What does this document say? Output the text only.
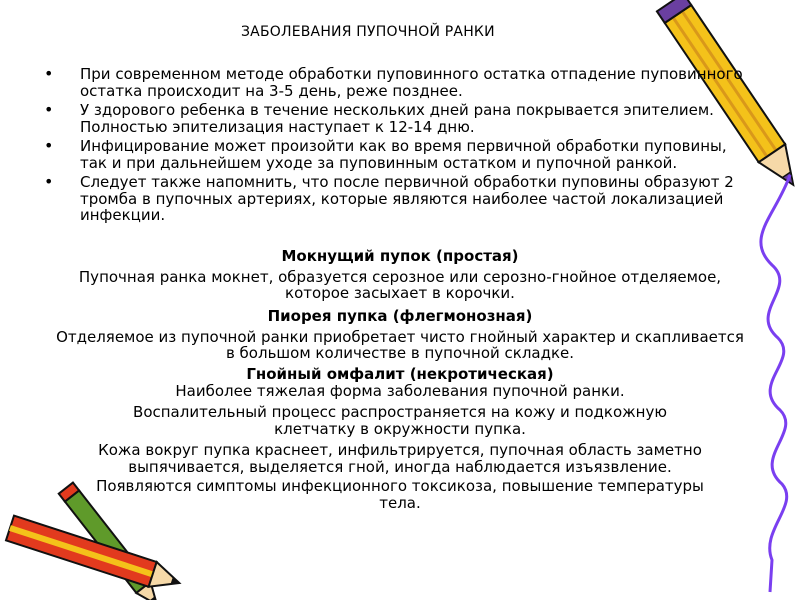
ЗАБОЛЕВАНИЯ ПУПОЧНОЙ РАНКИ
• При современном методе обработки пуповинного остатка отпадение пуповинного остатка происходит на 3-5 день, реже позднее.
• У здорового ребенка в течение нескольких дней рана покрывается эпителием. Полностью эпителизация наступает к 12-14 дню.
• Инфицирование может произойти как во время первичной обработки пуповины, так и при дальнейшем уходе за пуповинным остатком и пупочной ранкой.
• Следует также напомнить, что после первичной обработки пуповины образуют 2 тромба в пупочных артериях, которые являются наиболее частой локализацией инфекции.
Мокнущий пупок (простая)
Пупочная ранка мокнет, образуется серозное или серозно-гнойное отделяемое, которое засыхает в корочки.
Пиорея пупка (флегмонозная)
Отделяемое из пупочной ранки приобретает чисто гнойный характер и скапливается в большом количестве в пупочной складке.
Гнойный омфалит (некротическая)
Наиболее тяжелая форма заболевания пупочной ранки.
Воспалительный процесс распространяется на кожу и подкожную клетчатку в окружности пупка.
Кожа вокруг пупка краснеет, инфильтрируется, пупочная область заметно выпячивается, выделяется гной, иногда наблюдается изъязвление.
Появляются симптомы инфекционного токсикоза, повышение температуры тела.
